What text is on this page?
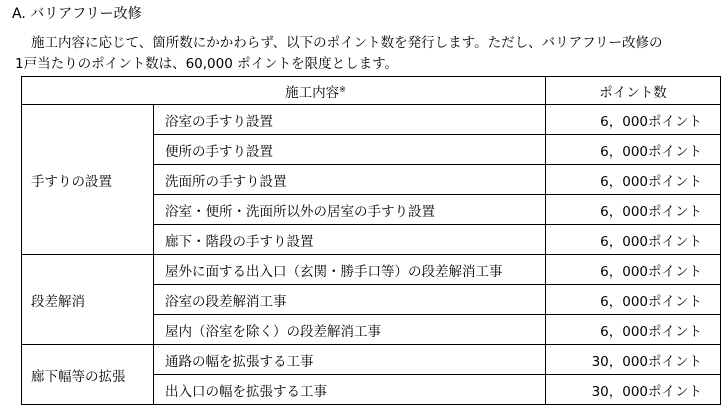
A. バリアフリー改修
施工内容に応じて、箇所数にかかわらず、以下のポイント数を発行します。ただし、バリアフリー改修の
1戸当たりのポイント数は、60,000 ポイントを限度とします。
施工内容※		ポイント数
手すりの設置	浴室の手すり設置	6，000ポイント
	便所の手すり設置	6，000ポイント
	洗面所の手すり設置	6，000ポイント
	浴室・便所・洗面所以外の居室の手すり設置	6，000ポイント
	廊下・階段の手すり設置	6，000ポイント
段差解消	屋外に面する出入口（玄関・勝手口等）の段差解消工事	6，000ポイント
	浴室の段差解消工事	6，000ポイント
	屋内（浴室を除く）の段差解消工事	6，000ポイント
廊下幅等の拡張	通路の幅を拡張する工事	30，000ポイント
	出入口の幅を拡張する工事	30，000ポイント
